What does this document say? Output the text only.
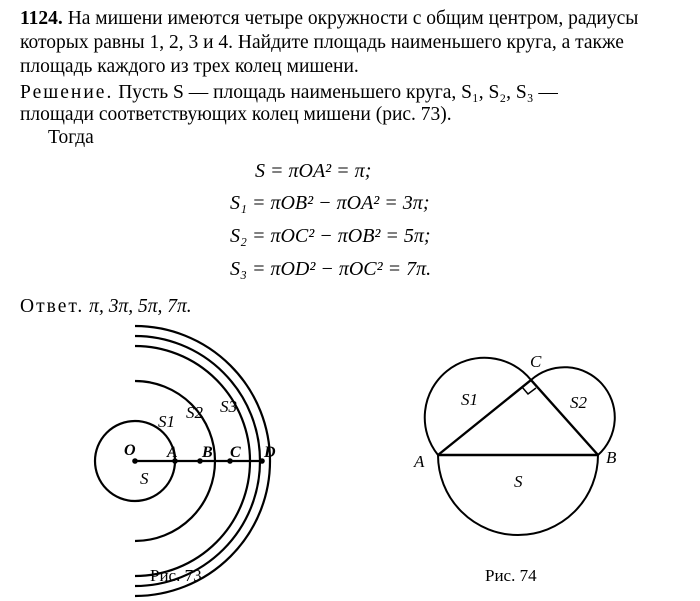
1124. На мишени имеются четыре окружности с общим центром, радиусы
которых равны 1, 2, 3 и 4. Найдите площадь наименьшего круга, а также
площадь каждого из трех колец мишени.
Решение. Пусть S — площадь наименьшего круга, S₁, S₂, S₃ —
площади соответствующих колец мишени (рис. 73).
Тогда
S = πOA² = π;
S₁ = πOB² − πOA² = 3π;
S₂ = πOC² − πOB² = 5π;
S₃ = πOD² − πOC² = 7π.
Ответ. π, 3π, 5π, 7π.
O A B C D
S
S1 S2 S3
Рис. 73
A	B
C
S
S1	S2
Рис. 74
